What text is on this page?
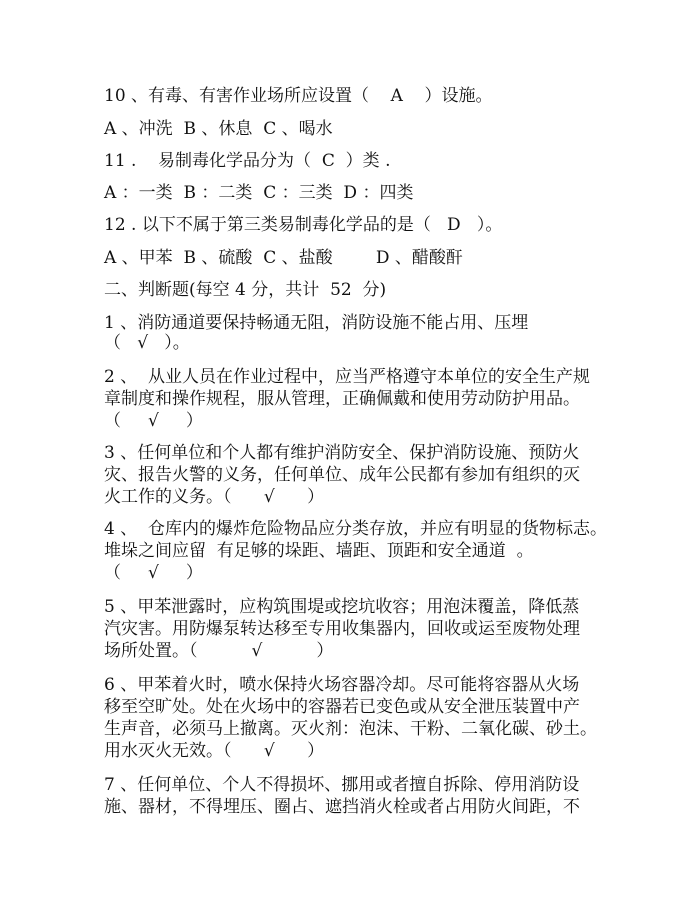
10 、有毒、有害作业场所应设置（    A    ）设施。
A 、冲洗  B 、休息  C 、喝水
11 .    易制毒化学品分为（  C  ）类 .
A ：一类  B ：二类  C ：三类  D ：四类
12 . 以下不属于第三类易制毒化学品的是（   D   ）。
A 、甲苯  B 、硫酸  C 、盐酸        D 、醋酸酐
二、判断题(每空 4 分，共计  52  分)
1 、消防通道要保持畅通无阻，消防设施不能占用、压埋
（   √   ）。
2 、  从业人员在作业过程中，应当严格遵守本单位的安全生产规
章制度和操作规程，服从管理，正确佩戴和使用劳动防护用品。
（     √     ）
3 、任何单位和个人都有维护消防安全、保护消防设施、预防火
灾、报告火警的义务，任何单位、成年公民都有参加有组织的灭
火工作的义务。（      √      ）
4 、  仓库内的爆炸危险物品应分类存放，并应有明显的货物标志。
堆垛之间应留  有足够的垛距、墙距、顶距和安全通道  。
（     √     ）
5 、甲苯泄露时，应构筑围堤或挖坑收容；用泡沫覆盖，降低蒸
汽灾害。用防爆泵转达移至专用收集器内，回收或运至废物处理
场所处置。（          √          ）
6 、甲苯着火时，喷水保持火场容器冷却。尽可能将容器从火场
移至空旷处。处在火场中的容器若已变色或从安全泄压装置中产
生声音，必须马上撤离。灭火剂：泡沫、干粉、二氧化碳、砂土。
用水灭火无效。（      √      ）
7 、任何单位、个人不得损坏、挪用或者擅自拆除、停用消防设
施、器材，不得埋压、圈占、遮挡消火栓或者占用防火间距，不
